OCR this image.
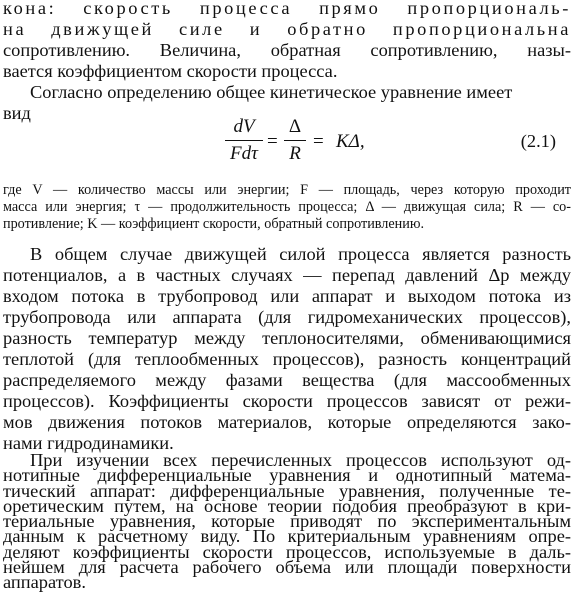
кона: скорость процесса прямо пропорциональ-
на движущей силе и обратно пропорциональна
сопротивлению. Величина, обратная сопротивлению, назы-
вается коэффициентом скорости процесса.
Согласно определению общее кинетическое уравнение имеет
вид
dV
Fdτ
=
Δ
R
= KΔ,	(2.1)
где V — количество массы или энергии; F — площадь, через которую проходит
масса или энергия; τ — продолжительность процесса; Δ — движущая сила; R — со-
противление; K — коэффициент скорости, обратный сопротивлению.
В общем случае движущей силой процесса является разность
потенциалов, а в частных случаях — перепад давлений Δp между
входом потока в трубопровод или аппарат и выходом потока из
трубопровода или аппарата (для гидромеханических процессов),
разность температур между теплоносителями, обменивающимися
теплотой (для теплообменных процессов), разность концентраций
распределяемого между фазами вещества (для массообменных
процессов). Коэффициенты скорости процессов зависят от режи-
мов движения потоков материалов, которые определяются зако-
нами гидродинамики.
При изучении всех перечисленных процессов используют од-
нотипные дифференциальные уравнения и однотипный матема-
тический аппарат: дифференциальные уравнения, полученные те-
оретическим путем, на основе теории подобия преобразуют в кри-
териальные уравнения, которые приводят по экспериментальным
данным к расчетному виду. По критериальным уравнениям опре-
деляют коэффициенты скорости процессов, используемые в даль-
нейшем для расчета рабочего объема или площади поверхности
аппаратов.
